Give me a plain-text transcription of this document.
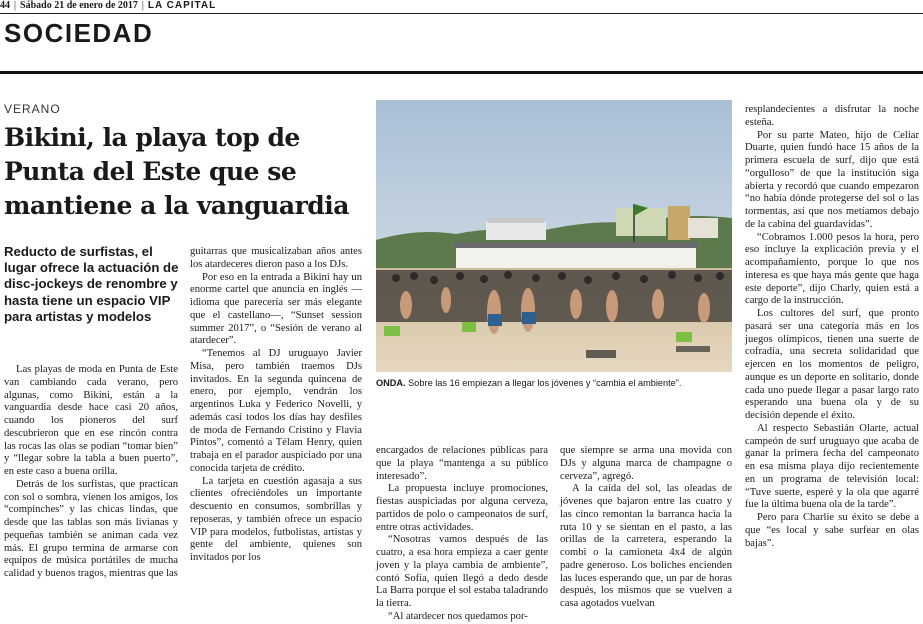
44 | Sábado 21 de enero de 2017 | LA CAPITAL
SOCIEDAD
VERANO
Bikini, la playa top de Punta del Este que se mantiene a la vanguardia
Reducto de surfistas, el lugar ofrece la actuación de disc-jockeys de renombre y hasta tiene un espacio VIP para artistas y modelos

Las playas de moda en Punta de Este van cambiando cada verano, pero algunas, como Bikini, están a la vanguardia desde hace casi 20 años, cuando los pioneros del surf descubrieron que en ese rincón contra las rocas las olas se podían “tomar bien” y “llegar sobre la tabla a buen puerto”, en este caso a buena orilla.

Detrás de los surfistas, que practican con sol o sombra, vienen los amigos, los “compinches” y las chicas lindas, que desde que las tablas son más livianas y pequeñas también se animan cada vez más. El grupo termina de armarse con equipos de música portátiles de mucha calidad y buenos tragos, mientras que las

guitarras que musicalizaban años antes los atardeceres dieron paso a los DJs.

Por eso en la entrada a Bikini hay un enorme cartel que anuncia en inglés —idioma que parecería ser más elegante que el castellano—, “Sunset session summer 2017”, o “Sesión de verano al atardecer”.

“Tenemos al DJ uruguayo Javier Misa, pero también traemos DJs invitados. En la segunda quincena de enero, por ejemplo, vendrán los argentinos Luka y Federico Novelli, y además casi todos los días hay desfiles de moda de Fernando Cristino y Flavia Pintos”, comentó a Télam Henry, quien trabaja en el parador auspiciado por una conocida tarjeta de crédito.

La tarjeta en cuestión agasaja a sus clientes ofreciéndoles un importante descuento en consumos, sombrillas y reposeras, y también ofrece un espacio VIP para modelos, futbolistas, artistas y gente del ambiente, quienes son invitados por los

ONDA. Sobre las 16 empiezan a llegar los jóvenes y “cambia el ambiente”.

encargados de relaciones públicas para que la playa “mantenga a su público interesado”.

La propuesta incluye promociones, fiestas auspiciadas por alguna cerveza, partidos de polo o campeonatos de surf, entre otras actividades.

“Nosotras vamos después de las cuatro, a esa hora empieza a caer gente joven y la playa cambia de ambiente”, contó Sofía, quien llegó a dedo desde La Barra porque el sol estaba taladrando la tierra.

“Al atardecer nos quedamos por-

que siempre se arma una movida con DJs y alguna marca de champagne o cerveza”, agregó.

A la caída del sol, las oleadas de jóvenes que bajaron entre las cuatro y las cinco remontan la barranca hacia la ruta 10 y se sientan en el pasto, a las orillas de la carretera, esperando la combi o la camioneta 4x4 de algún padre generoso. Los boliches encienden las luces esperando que, un par de horas después, los mismos que se vuelven a casa agotados vuelvan

resplandecientes a disfrutar la noche esteña.

Por su parte Mateo, hijo de Celiar Duarte, quien fundó hace 15 años de la primera escuela de surf, dijo que está “orgulloso” de que la institución siga abierta y recordó que cuando empezaron “no había dónde protegerse del sol o las tormentas, así que nos metíamos debajo de la cabina del guardavidas”.

“Cobramos 1.000 pesos la hora, pero eso incluye la explicación previa y el acompañamiento, porque lo que nos interesa es que haya más gente que haga este deporte”, dijo Charly, quien está a cargo de la instrucción.

Los cultores del surf, que pronto pasará ser una categoría más en los juegos olímpicos, tienen una suerte de cofradía, una secreta solidaridad que ejercen en los momentos de peligro, aunque es un deporte en solitario, donde cada uno puede llegar a pasar largo rato esperando una buena ola y de su decisión depende el éxito.

Al respecto Sebastián Olarte, actual campeón de surf uruguayo que acaba de ganar la primera fecha del campeonato en esa misma playa dijo recientemente en un programa de televisión local: “Tuve suerte, esperé y la ola que agarré fue la última buena ola de la tarde”.

Pero para Charlie su éxito se debe a que “es local y sabe surfear en olas bajas”.
